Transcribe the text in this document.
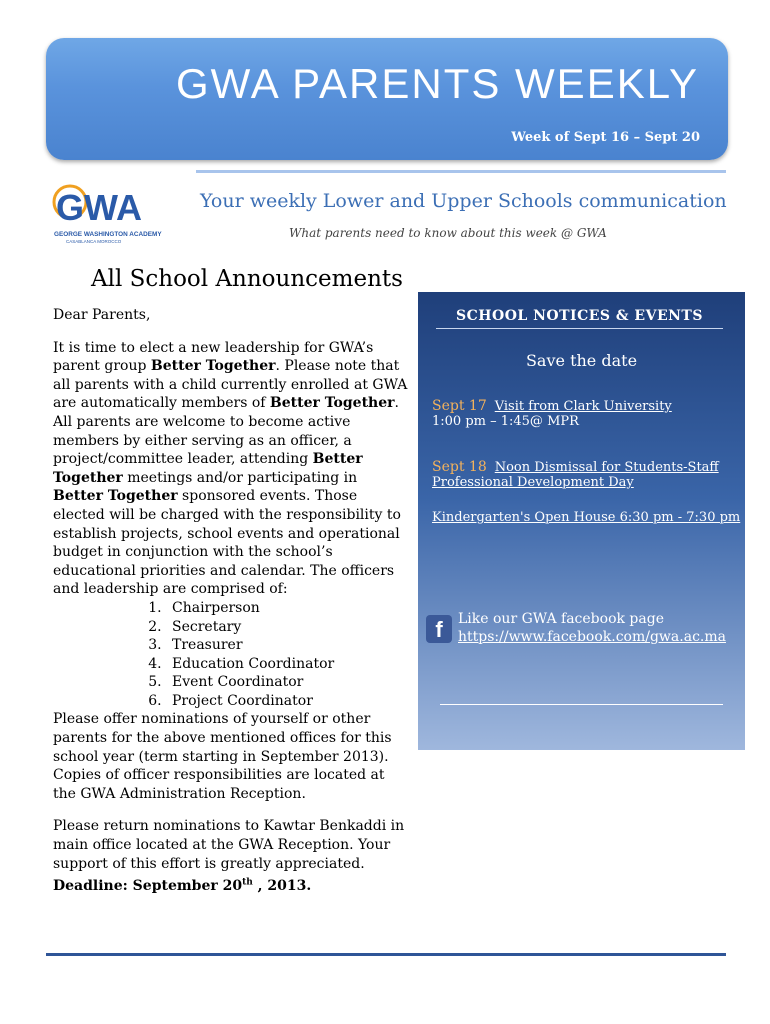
GWA PARENTS WEEKLY
Week of Sept 16 – Sept 20
GWA
GEORGE WASHINGTON ACADEMY
CASABLANCA MOROCCO
Your weekly Lower and Upper Schools communication
What parents need to know about this week @ GWA
All School Announcements

Dear Parents,

It is time to elect a new leadership for GWA’s parent group Better Together. Please note that all parents with a child currently enrolled at GWA are automatically members of Better Together. All parents are welcome to become active members by either serving as an officer, a project/committee leader, attending Better Together meetings and/or participating in Better Together sponsored events. Those elected will be charged with the responsibility to establish projects, school events and operational budget in conjunction with the school’s educational priorities and calendar. The officers and leadership are comprised of:

1. Chairperson
2. Secretary
3. Treasurer
4. Education Coordinator
5. Event Coordinator
6. Project Coordinator

Please offer nominations of yourself or other parents for the above mentioned offices for this school year (term starting in September 2013). Copies of officer responsibilities are located at the GWA Administration Reception.

Please return nominations to Kawtar Benkaddi in main office located at the GWA Reception. Your support of this effort is greatly appreciated.
Deadline: September 20th , 2013.

SCHOOL NOTICES & EVENTS
Save the date
Sept 17 Visit from Clark University
1:00 pm – 1:45@ MPR
Sept 18 Noon Dismissal for Students-Staff
Professional Development Day
Kindergarten's Open House 6:30 pm - 7:30 pm
f	Like our GWA facebook page
https://www.facebook.com/gwa.ac.ma
